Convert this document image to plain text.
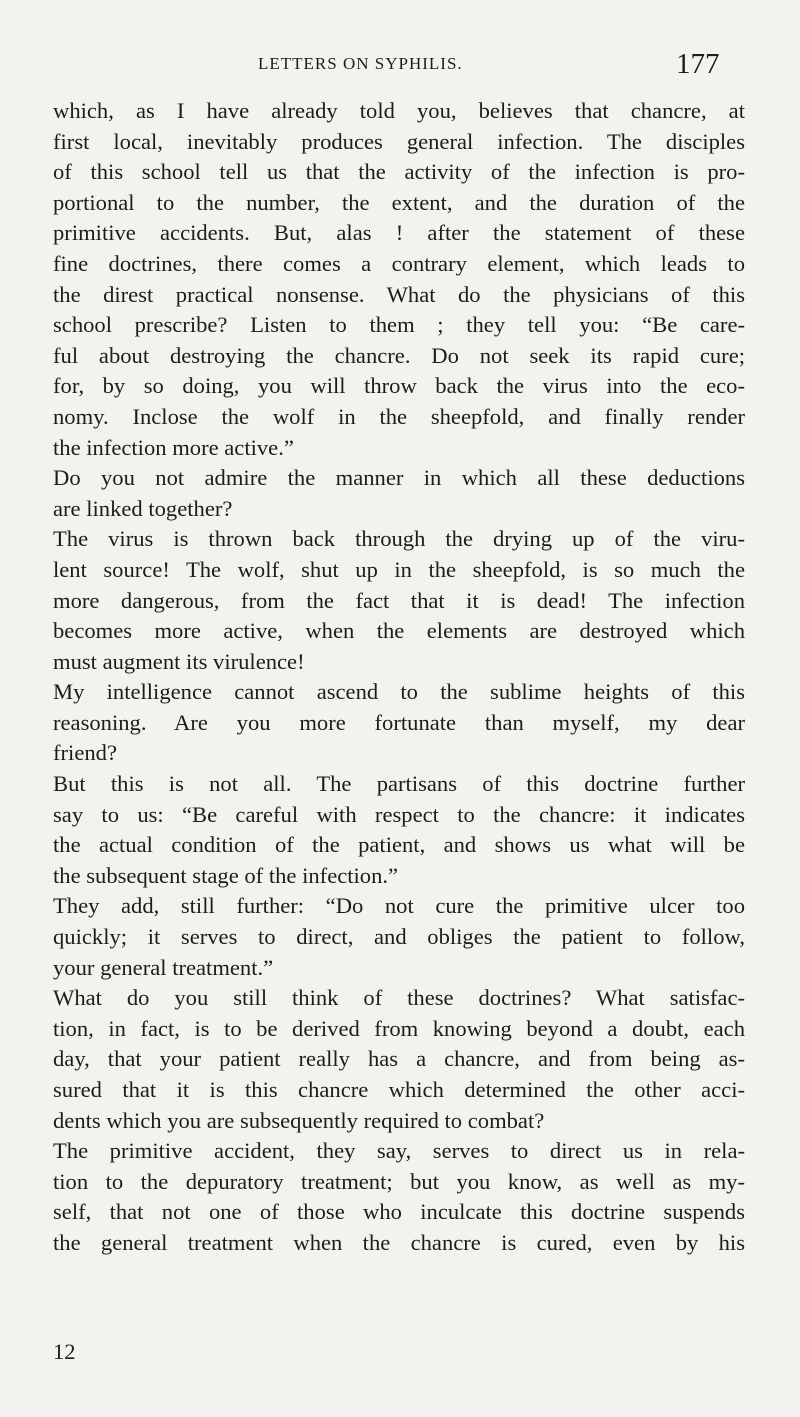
LETTERS ON SYPHILIS.	177
which, as I have already told you, believes that chancre, at
first local, inevitably produces general infection. The disciples
of this school tell us that the activity of the infection is pro-
portional to the number, the extent, and the duration of the
primitive accidents. But, alas ! after the statement of these
fine doctrines, there comes a contrary element, which leads to
the direst practical nonsense. What do the physicians of this
school prescribe? Listen to them ; they tell you: “Be care-
ful about destroying the chancre. Do not seek its rapid cure;
for, by so doing, you will throw back the virus into the eco-
nomy. Inclose the wolf in the sheepfold, and finally render
the infection more active.”
Do you not admire the manner in which all these deductions
are linked together?
The virus is thrown back through the drying up of the viru-
lent source! The wolf, shut up in the sheepfold, is so much the
more dangerous, from the fact that it is dead! The infection
becomes more active, when the elements are destroyed which
must augment its virulence!
My intelligence cannot ascend to the sublime heights of this
reasoning. Are you more fortunate than myself, my dear
friend?
But this is not all. The partisans of this doctrine further
say to us: “Be careful with respect to the chancre: it indicates
the actual condition of the patient, and shows us what will be
the subsequent stage of the infection.”
They add, still further: “Do not cure the primitive ulcer too
quickly; it serves to direct, and obliges the patient to follow,
your general treatment.”
What do you still think of these doctrines? What satisfac-
tion, in fact, is to be derived from knowing beyond a doubt, each
day, that your patient really has a chancre, and from being as-
sured that it is this chancre which determined the other acci-
dents which you are subsequently required to combat?
The primitive accident, they say, serves to direct us in rela-
tion to the depuratory treatment; but you know, as well as my-
self, that not one of those who inculcate this doctrine suspends
the general treatment when the chancre is cured, even by his
12
